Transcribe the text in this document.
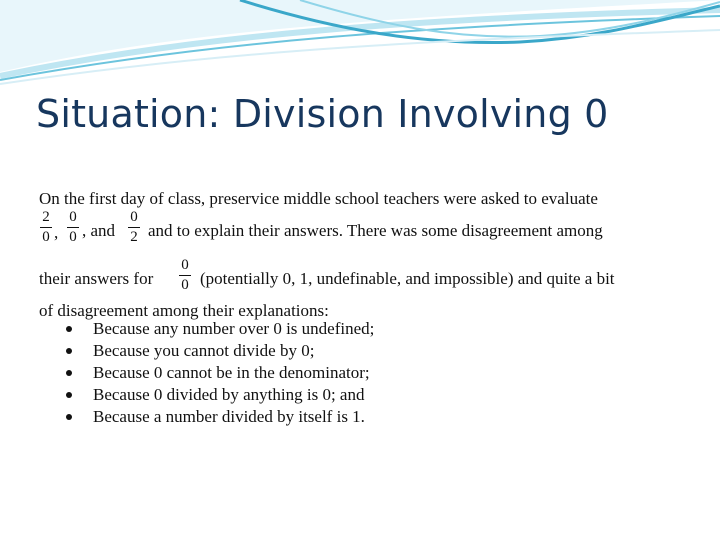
Situation: Division Involving 0
On the first day of class, preservice middle school teachers were asked to evaluate
2
0 ,
0
0 , and
0
2 and to explain their answers. There was some disagreement among
their answers for
0
0 (potentially 0, 1, undefinable, and impossible) and quite a bit
of disagreement among their explanations:
Because any number over 0 is undefined;
Because you cannot divide by 0;
Because 0 cannot be in the denominator;
Because 0 divided by anything is 0; and
Because a number divided by itself is 1.
